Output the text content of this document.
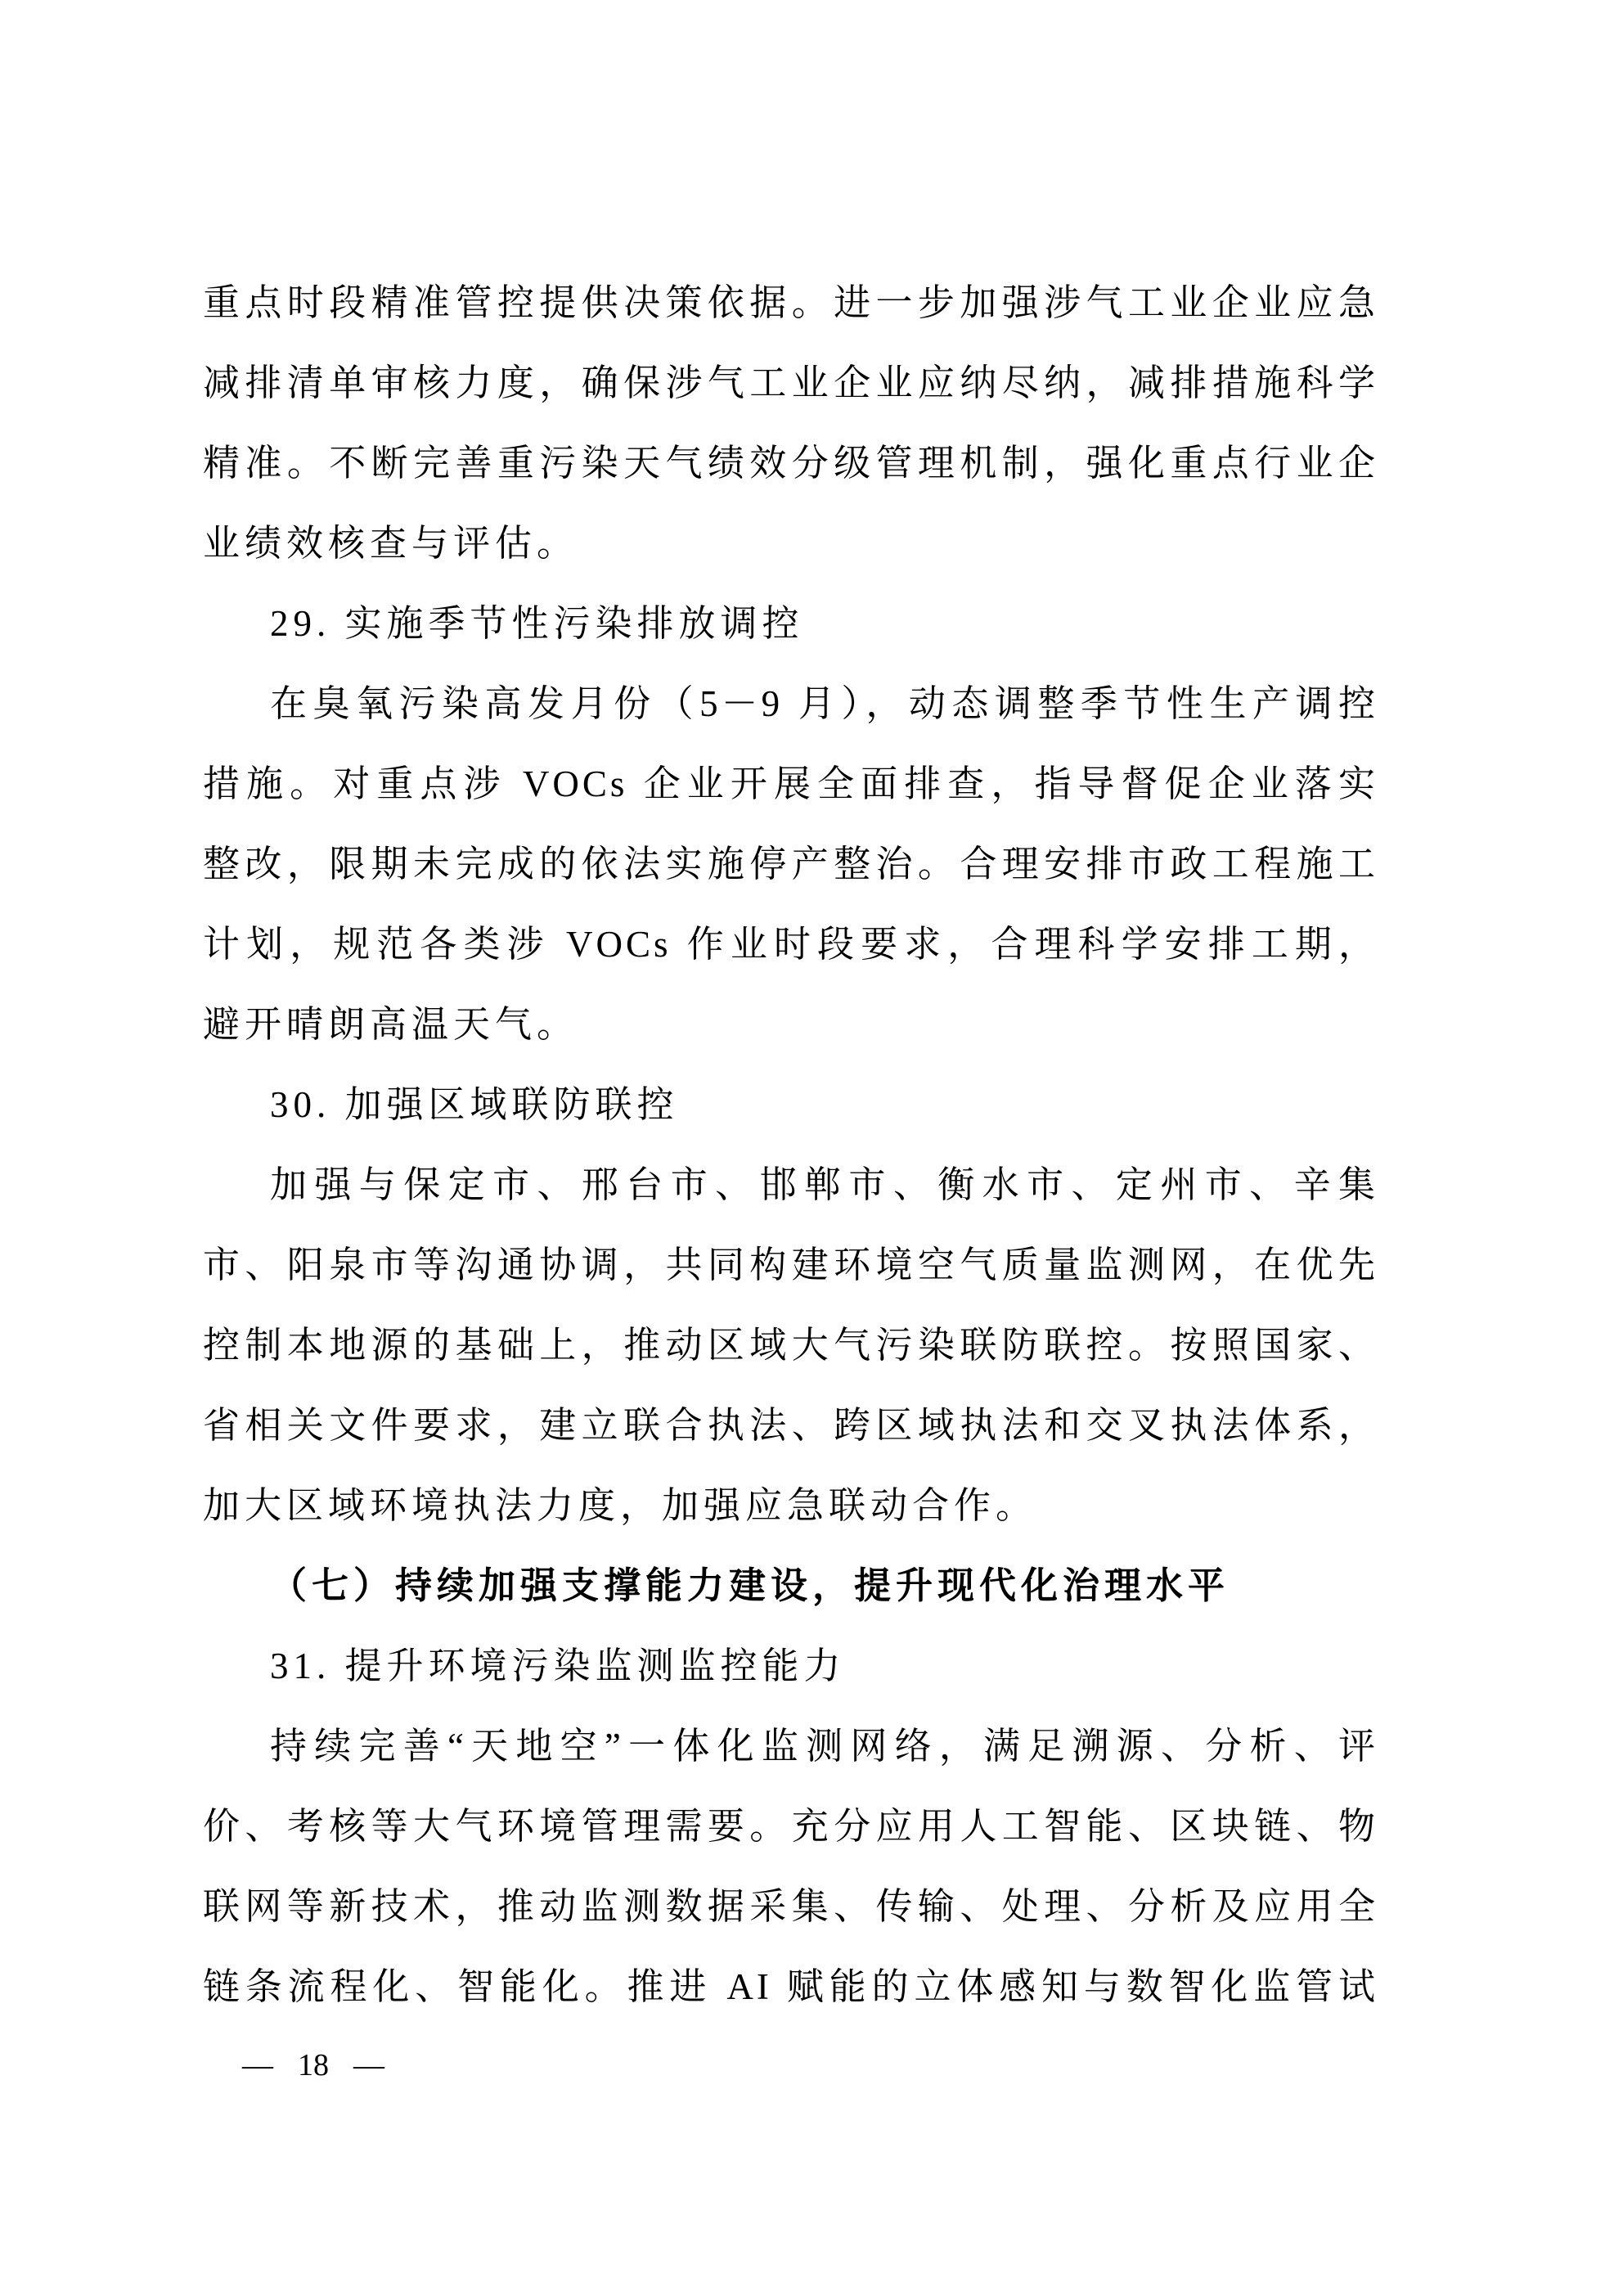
重点时段精准管控提供决策依据。进一步加强涉气工业企业应急
减排清单审核力度，确保涉气工业企业应纳尽纳，减排措施科学
精准。不断完善重污染天气绩效分级管理机制，强化重点行业企
业绩效核查与评估。
29. 实施季节性污染排放调控
在臭氧污染高发月份（5－9 月），动态调整季节性生产调控
措施。对重点涉 VOCs 企业开展全面排查，指导督促企业落实
整改，限期未完成的依法实施停产整治。合理安排市政工程施工
计划，规范各类涉 VOCs 作业时段要求，合理科学安排工期，
避开晴朗高温天气。
30. 加强区域联防联控
加强与保定市、邢台市、邯郸市、衡水市、定州市、辛集
市、阳泉市等沟通协调，共同构建环境空气质量监测网，在优先
控制本地源的基础上，推动区域大气污染联防联控。按照国家、
省相关文件要求，建立联合执法、跨区域执法和交叉执法体系，
加大区域环境执法力度，加强应急联动合作。
（七）持续加强支撑能力建设，提升现代化治理水平
31. 提升环境污染监测监控能力
持续完善“天地空”一体化监测网络，满足溯源、分析、评
价、考核等大气环境管理需要。充分应用人工智能、区块链、物
联网等新技术，推动监测数据采集、传输、处理、分析及应用全
链条流程化、智能化。推进 AI 赋能的立体感知与数智化监管试
— 18 —
